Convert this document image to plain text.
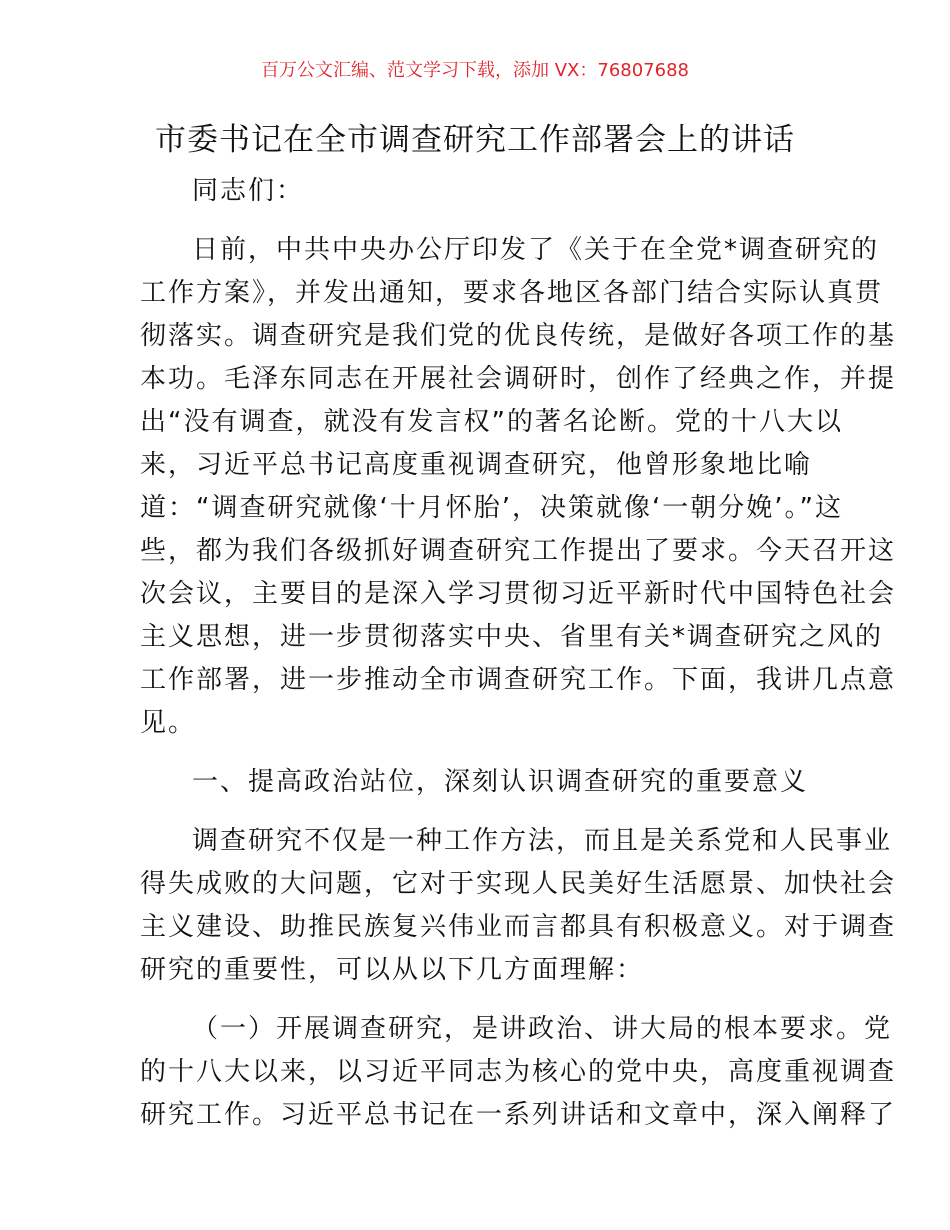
百万公文汇编、范文学习下载，添加 VX：76807688
市委书记在全市调查研究工作部署会上的讲话
同志们：
日前，中共中央办公厅印发了《关于在全党*调查研究的
工作方案》，并发出通知，要求各地区各部门结合实际认真贯
彻落实。调查研究是我们党的优良传统，是做好各项工作的基
本功。毛泽东同志在开展社会调研时，创作了经典之作，并提
出“没有调查，就没有发言权”的著名论断。党的十八大以
来，习近平总书记高度重视调查研究，他曾形象地比喻
道：“调查研究就像‘十月怀胎’，决策就像‘一朝分娩’。”这
些，都为我们各级抓好调查研究工作提出了要求。今天召开这
次会议，主要目的是深入学习贯彻习近平新时代中国特色社会
主义思想，进一步贯彻落实中央、省里有关*调查研究之风的
工作部署，进一步推动全市调查研究工作。下面，我讲几点意
见。
一、提高政治站位，深刻认识调查研究的重要意义
调查研究不仅是一种工作方法，而且是关系党和人民事业
得失成败的大问题，它对于实现人民美好生活愿景、加快社会
主义建设、助推民族复兴伟业而言都具有积极意义。对于调查
研究的重要性，可以从以下几方面理解：
（一）开展调查研究，是讲政治、讲大局的根本要求。党
的十八大以来，以习近平同志为核心的党中央，高度重视调查
研究工作。习近平总书记在一系列讲话和文章中，深入阐释了
